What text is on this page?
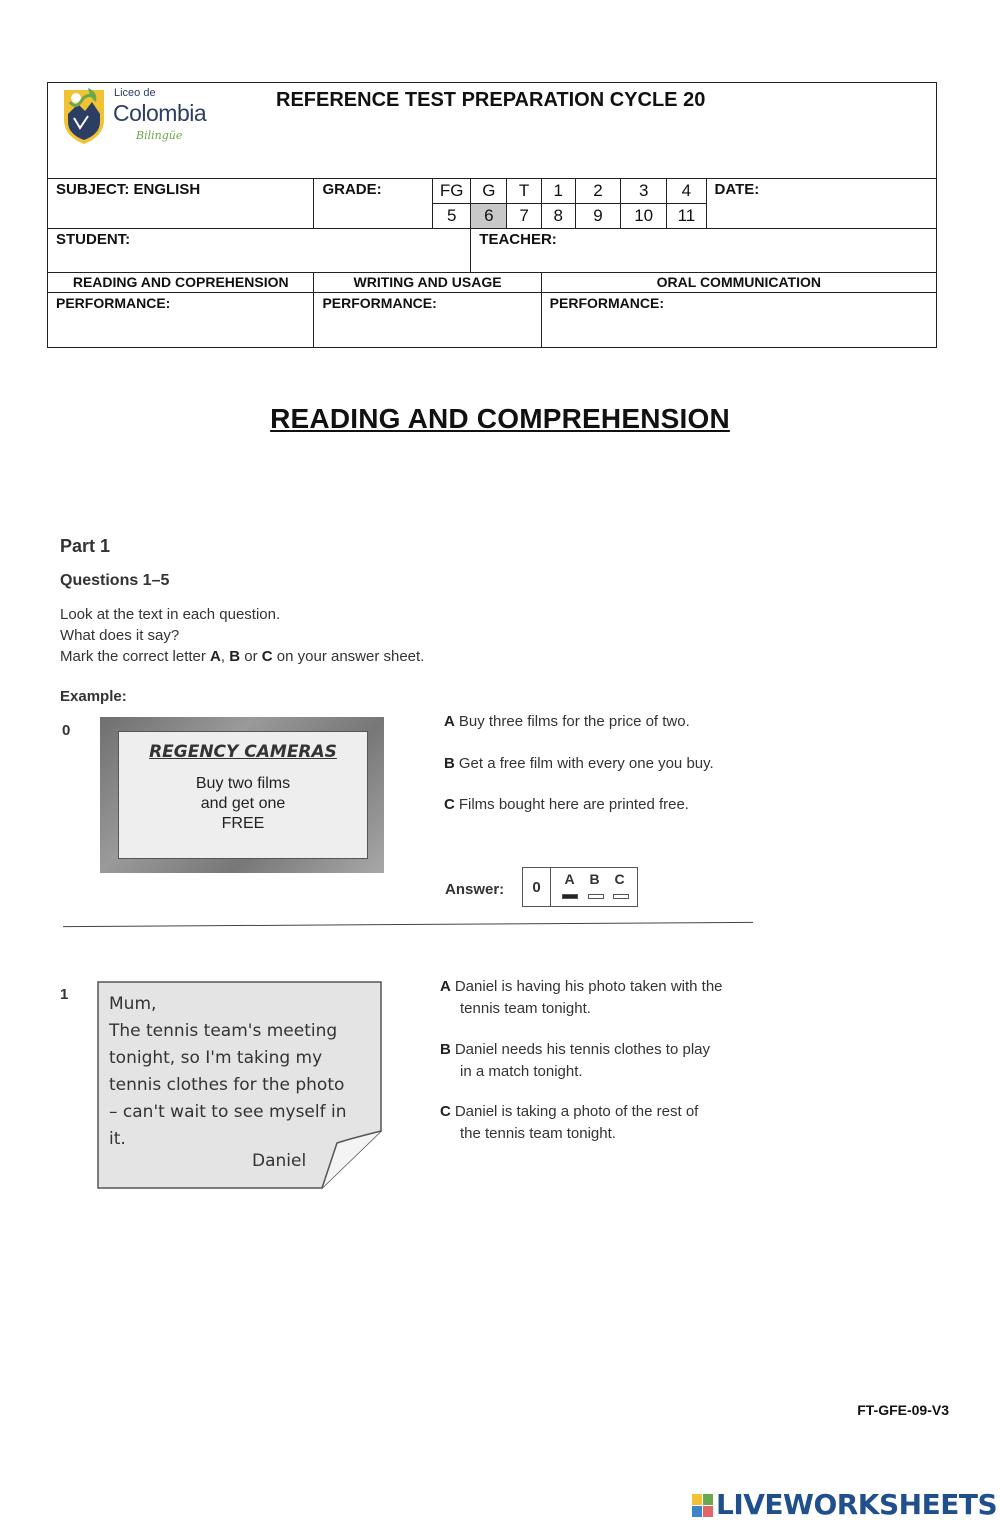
Liceo de
Colombia
Bilingüe
REFERENCE TEST PREPARATION CYCLE 20									

SUBJECT: ENGLISH	GRADE:	FG	G	T	1	2	3	4	DATE:
		5	6	7	8	9	10	11	
STUDENT:			TEACHER:						
READING AND COPREHENSION	WRITING AND USAGE				ORAL COMMUNICATION				
PERFORMANCE:	PERFORMANCE:				PERFORMANCE:				
READING AND COMPREHENSION
Part 1
Questions 1–5
Look at the text in each question.
What does it say?
Mark the correct letter A, B or C on your answer sheet.
Example:
0
REGENCY CAMERAS
Buy two films
and get one
FREE
A Buy three films for the price of two.
B Get a free film with every one you buy.
C Films bought here are printed free.
Answer:	0	A B C
1 Mum,
The tennis team's meeting
tonight, so I'm taking my
tennis clothes for the photo
– can't wait to see myself in
it.
Daniel
A Daniel is having his photo taken with the
tennis team tonight.
B Daniel needs his tennis clothes to play
in a match tonight.
C Daniel is taking a photo of the rest of
the tennis team tonight.
FT-GFE-09-V3
LIVEWORKSHEETS
